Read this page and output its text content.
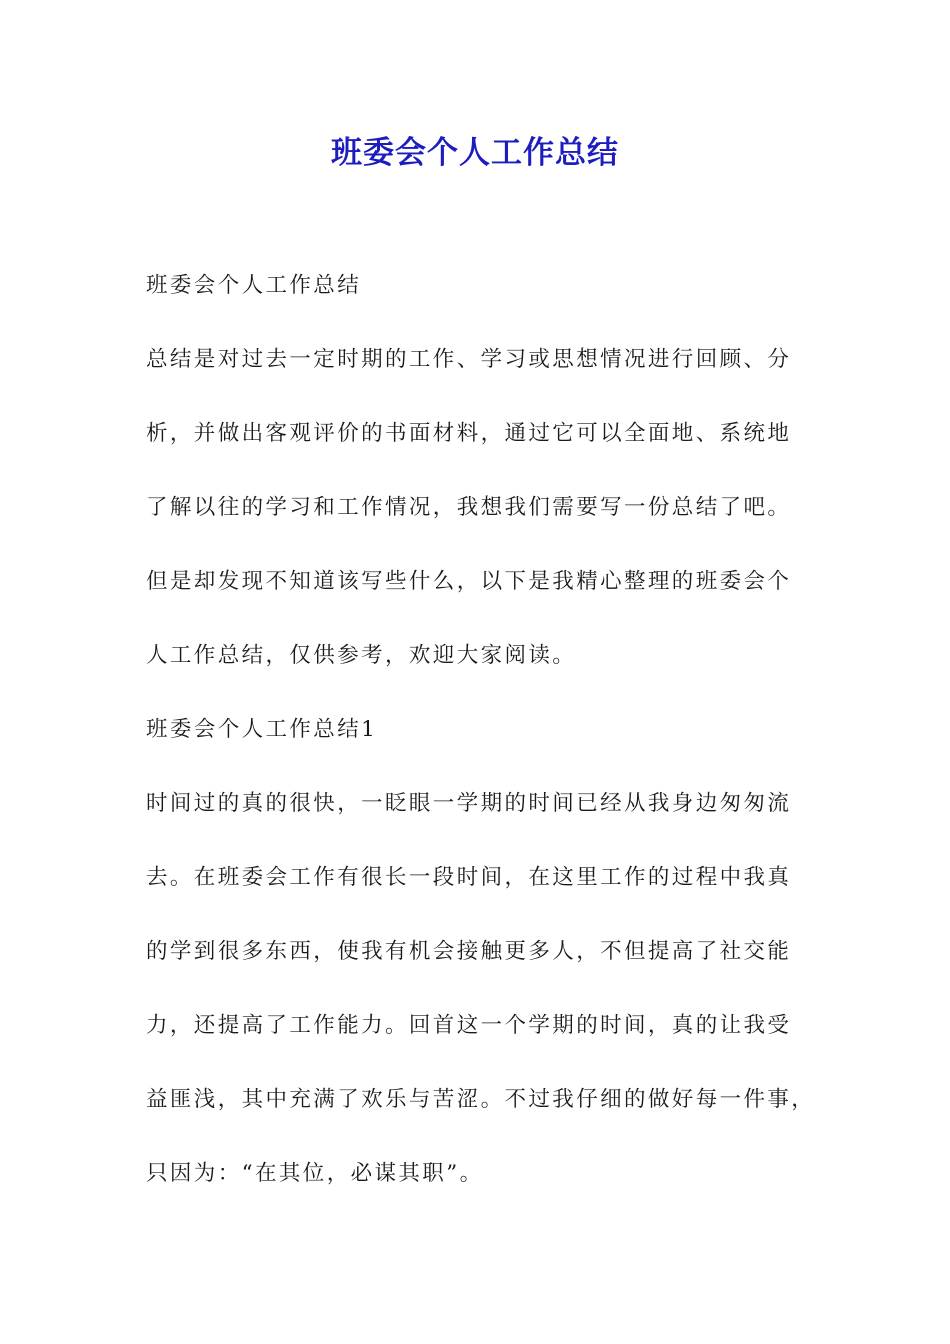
班委会个人工作总结
班委会个人工作总结
总结是对过去一定时期的工作、学习或思想情况进行回顾、分
析，并做出客观评价的书面材料，通过它可以全面地、系统地
了解以往的学习和工作情况，我想我们需要写一份总结了吧。
但是却发现不知道该写些什么，以下是我精心整理的班委会个
人工作总结，仅供参考，欢迎大家阅读。
班委会个人工作总结1
时间过的真的很快，一眨眼一学期的时间已经从我身边匆匆流
去。在班委会工作有很长一段时间，在这里工作的过程中我真
的学到很多东西，使我有机会接触更多人，不但提高了社交能
力，还提高了工作能力。回首这一个学期的时间，真的让我受
益匪浅，其中充满了欢乐与苦涩。不过我仔细的做好每一件事，
只因为：“在其位，必谋其职”。
